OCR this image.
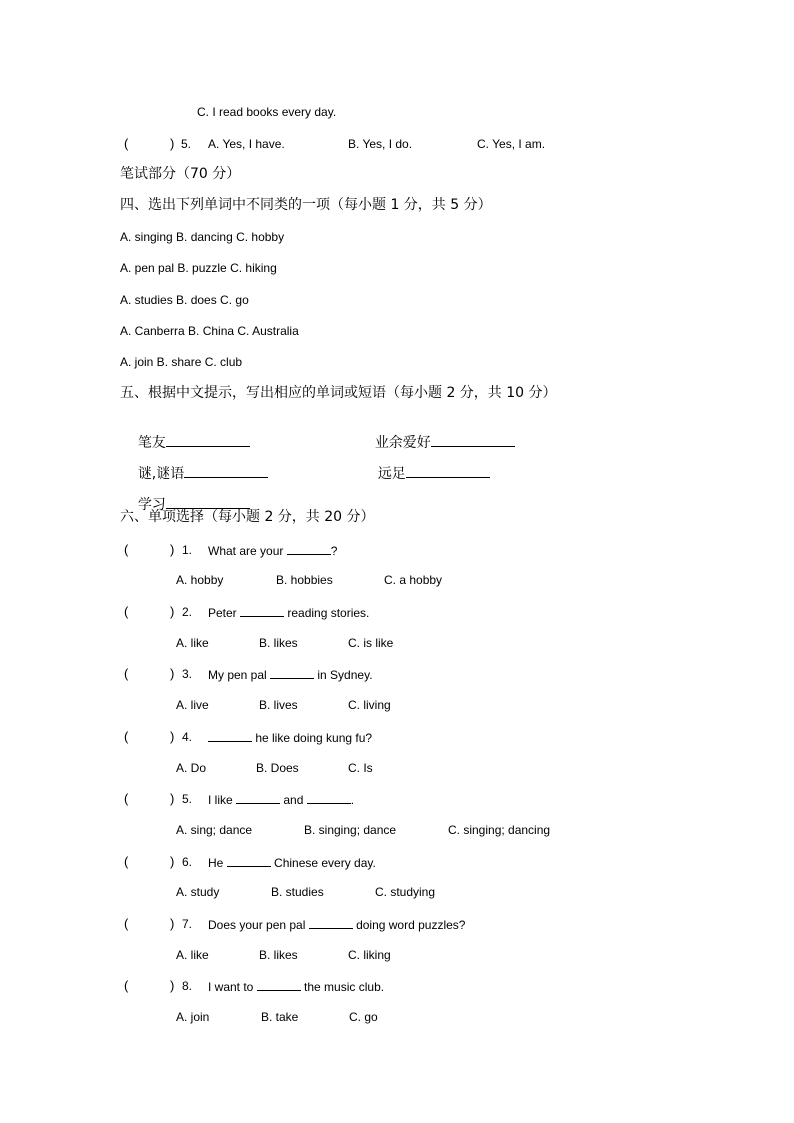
C. I read books every day.
(	) 5. A. Yes, I have.	B. Yes, I do.	C. Yes, I am.
笔试部分（70 分）
四、选出下列单词中不同类的一项（每小题 1 分，共 5 分）
A. singing B. dancing C. hobby
A. pen pal B. puzzle C. hiking
A. studies B. does C. go
A. Canberra B. China C. Australia
A. join B. share C. club
五、根据中文提示，写出相应的单词或短语（每小题 2 分，共 10 分）

笔友
	业余爱好

谜,谜语
	远足

学习

六、单项选择（每小题 2 分，共 20 分）
(	) 1. What are your	?
A. hobby	B. hobbies	C. a hobby
(	) 2. Peter	reading stories.
A. like	B. likes	C. is like
(	) 3. My pen pal	in Sydney.
A. live	B. lives	C. living
(	) 4.	he like doing kung fu?
A. Do	B. Does	C. Is
(	) 5. I like	and	.
A. sing; dance	B. singing; dance	C. singing; dancing
(	) 6. He	Chinese every day.
A. study	B. studies	C. studying
(	) 7. Does your pen pal	doing word puzzles?
A. like	B. likes	C. liking
(	) 8. I want to	the music club.
A. join	B. take	C. go
